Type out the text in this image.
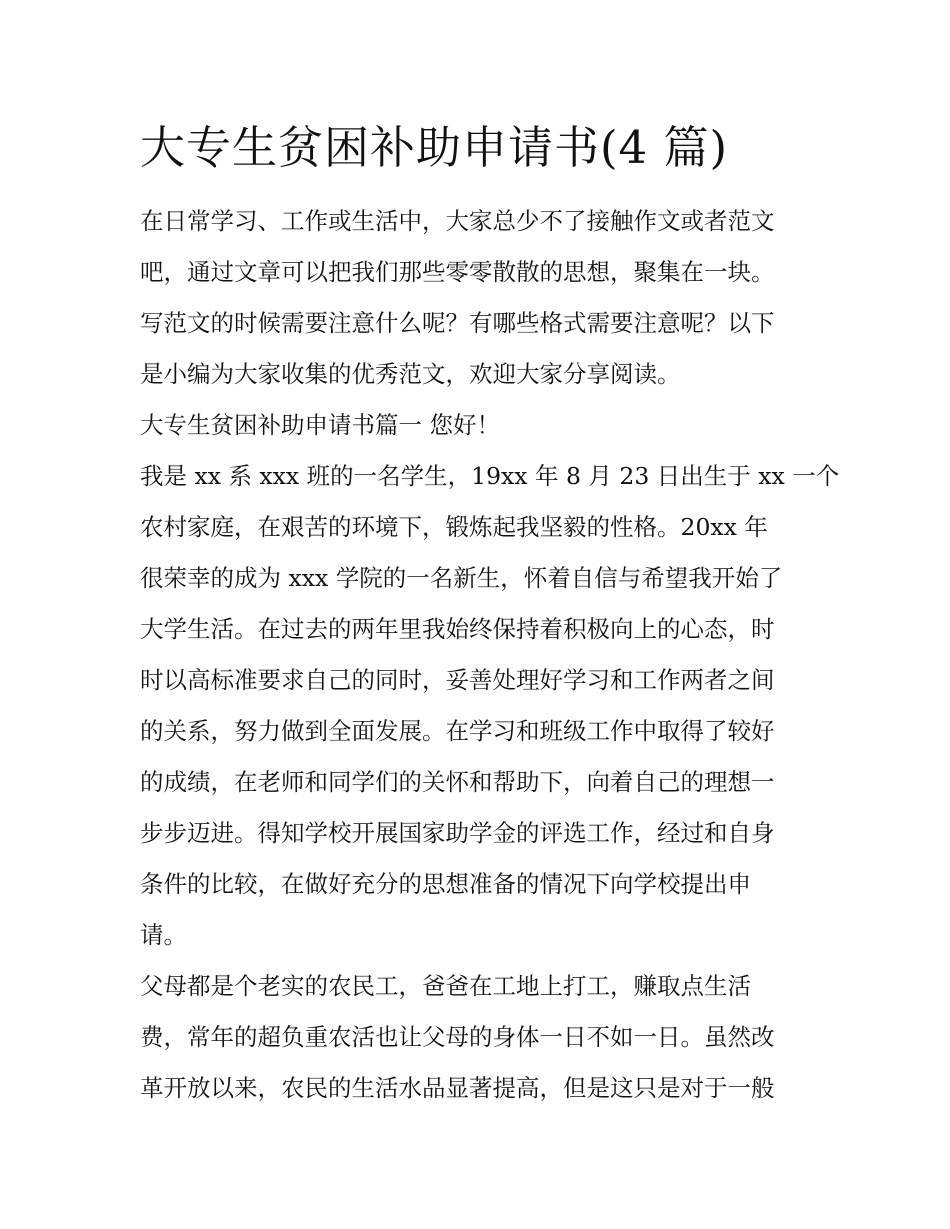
大专生贫困补助申请书(4 篇)

在日常学习、工作或生活中，大家总少不了接触作文或者范文

吧，通过文章可以把我们那些零零散散的思想，聚集在一块。

写范文的时候需要注意什么呢？有哪些格式需要注意呢？以下

是小编为大家收集的优秀范文，欢迎大家分享阅读。

大专生贫困补助申请书篇一 您好！

我是 xx 系 xxx 班的一名学生，19xx 年 8 月 23 日出生于 xx 一个

农村家庭，在艰苦的环境下，锻炼起我坚毅的性格。20xx 年

很荣幸的成为 xxx 学院的一名新生，怀着自信与希望我开始了

大学生活。在过去的两年里我始终保持着积极向上的心态，时

时以高标准要求自己的同时，妥善处理好学习和工作两者之间

的关系，努力做到全面发展。在学习和班级工作中取得了较好

的成绩，在老师和同学们的关怀和帮助下，向着自己的理想一

步步迈进。得知学校开展国家助学金的评选工作，经过和自身

条件的比较，在做好充分的思想准备的情况下向学校提出申

请。

父母都是个老实的农民工，爸爸在工地上打工，赚取点生活

费，常年的超负重农活也让父母的身体一日不如一日。虽然改

革开放以来，农民的生活水品显著提高，但是这只是对于一般
